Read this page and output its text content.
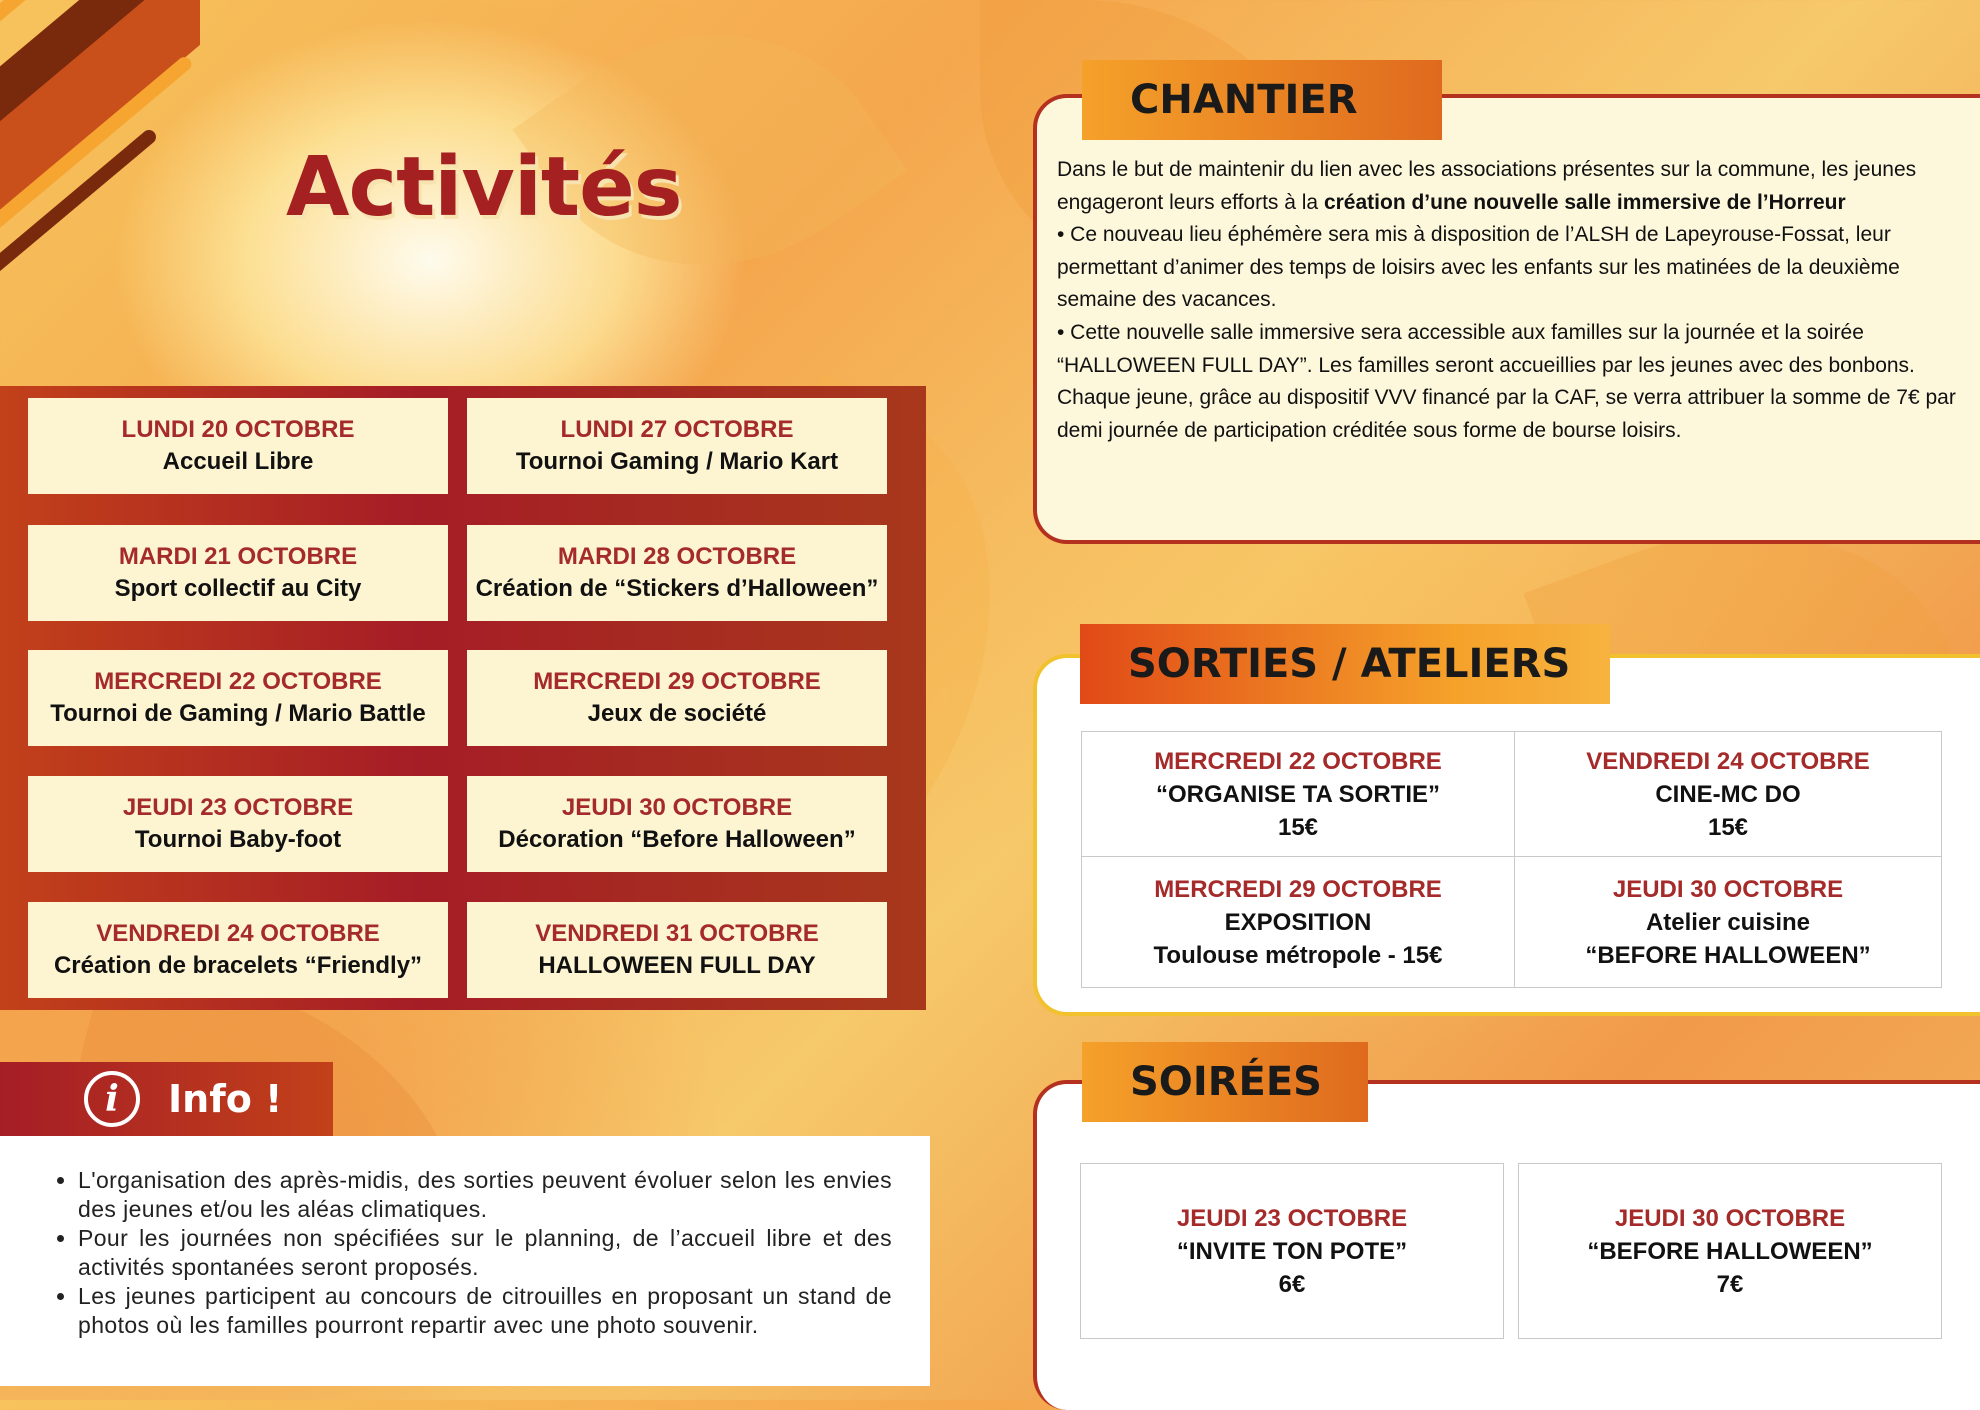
Activités
LUNDI 20 OCTOBRE
Accueil Libre
MARDI 21 OCTOBRE
Sport collectif au City
MERCREDI 22 OCTOBRE
Tournoi de Gaming / Mario Battle
JEUDI 23 OCTOBRE
Tournoi Baby-foot
VENDREDI 24 OCTOBRE
Création de bracelets “Friendly”
LUNDI 27 OCTOBRE
Tournoi Gaming / Mario Kart
MARDI 28 OCTOBRE
Création de “Stickers d’Halloween”
MERCREDI 29 OCTOBRE
Jeux de société
JEUDI 30 OCTOBRE
Décoration “Before Halloween”
VENDREDI 31 OCTOBRE
HALLOWEEN FULL DAY
i	Info !
• L'organisation des après-midis, des sorties peuvent évoluer selon les envies des jeunes et/ou les aléas climatiques.
• Pour les journées non spécifiées sur le planning, de l’accueil libre et des activités spontanées seront proposés.
• Les jeunes participent au concours de citrouilles en proposant un stand de photos où les familles pourront repartir avec une photo souvenir.
CHANTIER

Dans le but de maintenir du lien avec les associations présentes sur la commune, les jeunes engageront leurs efforts à la création d’une nouvelle salle immersive de l’Horreur

• Ce nouveau lieu éphémère sera mis à disposition de l’ALSH de Lapeyrouse-Fossat, leur permettant d’animer des temps de loisirs avec les enfants sur les matinées de la deuxième semaine des vacances.

• Cette nouvelle salle immersive sera accessible aux familles sur la journée et la soirée “HALLOWEEN FULL DAY”. Les familles seront accueillies par les jeunes avec des bonbons.

Chaque jeune, grâce au dispositif VVV financé par la CAF, se verra attribuer la somme de 7€ par demi journée de participation créditée sous forme de bourse loisirs.

SORTIES / ATELIERS
MERCREDI 22 OCTOBRE
“ORGANISE TA SORTIE”
15€
VENDREDI 24 OCTOBRE
CINE-MC DO
15€
MERCREDI 29 OCTOBRE
EXPOSITION
Toulouse métropole - 15€
JEUDI 30 OCTOBRE
Atelier cuisine
“BEFORE HALLOWEEN”
SOIRÉES
JEUDI 23 OCTOBRE
“INVITE TON POTE”
6€
JEUDI 30 OCTOBRE
“BEFORE HALLOWEEN”
7€
